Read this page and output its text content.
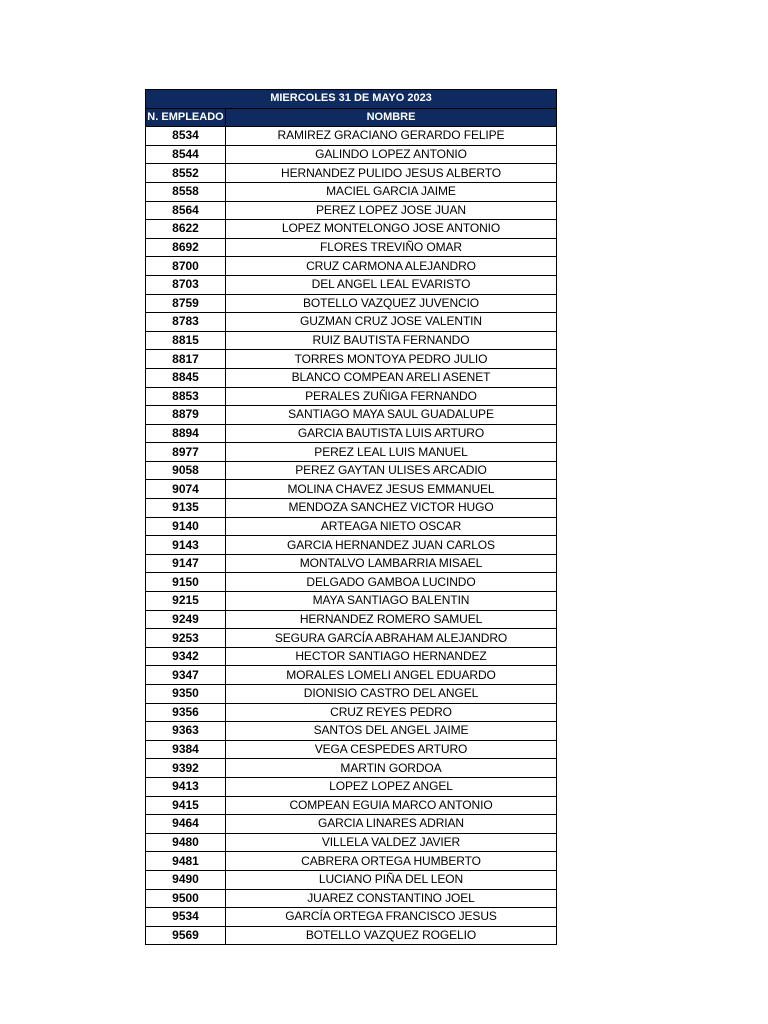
MIERCOLES 31 DE MAYO 2023	
N. EMPLEADO	NOMBRE
8534	RAMIREZ GRACIANO GERARDO FELIPE
8544	GALINDO LOPEZ ANTONIO
8552	HERNANDEZ PULIDO JESUS ALBERTO
8558	MACIEL GARCIA JAIME
8564	PEREZ LOPEZ JOSE JUAN
8622	LOPEZ MONTELONGO JOSE ANTONIO
8692	FLORES TREVIÑO OMAR
8700	CRUZ CARMONA ALEJANDRO
8703	DEL ANGEL LEAL EVARISTO
8759	BOTELLO VAZQUEZ JUVENCIO
8783	GUZMAN CRUZ JOSE VALENTIN
8815	RUIZ BAUTISTA FERNANDO
8817	TORRES MONTOYA PEDRO JULIO
8845	BLANCO COMPEAN ARELI ASENET
8853	PERALES ZUÑIGA FERNANDO
8879	SANTIAGO MAYA SAUL GUADALUPE
8894	GARCIA BAUTISTA LUIS ARTURO
8977	PEREZ LEAL LUIS MANUEL
9058	PEREZ GAYTAN ULISES ARCADIO
9074	MOLINA CHAVEZ JESUS EMMANUEL
9135	MENDOZA SANCHEZ VICTOR HUGO
9140	ARTEAGA NIETO OSCAR
9143	GARCIA HERNANDEZ JUAN CARLOS
9147	MONTALVO LAMBARRIA MISAEL
9150	DELGADO GAMBOA LUCINDO
9215	MAYA SANTIAGO BALENTIN
9249	HERNANDEZ ROMERO SAMUEL
9253	SEGURA GARCÍA ABRAHAM ALEJANDRO
9342	HECTOR SANTIAGO HERNANDEZ
9347	MORALES LOMELI ANGEL EDUARDO
9350	DIONISIO CASTRO DEL ANGEL
9356	CRUZ REYES PEDRO
9363	SANTOS DEL ANGEL JAIME
9384	VEGA CESPEDES ARTURO
9392	MARTIN GORDOA
9413	LOPEZ LOPEZ ANGEL
9415	COMPEAN EGUIA MARCO ANTONIO
9464	GARCIA LINARES ADRIAN
9480	VILLELA VALDEZ JAVIER
9481	CABRERA ORTEGA HUMBERTO
9490	LUCIANO PIÑA DEL LEON
9500	JUAREZ CONSTANTINO JOEL
9534	GARCÍA ORTEGA FRANCISCO JESUS
9569	BOTELLO VAZQUEZ ROGELIO
